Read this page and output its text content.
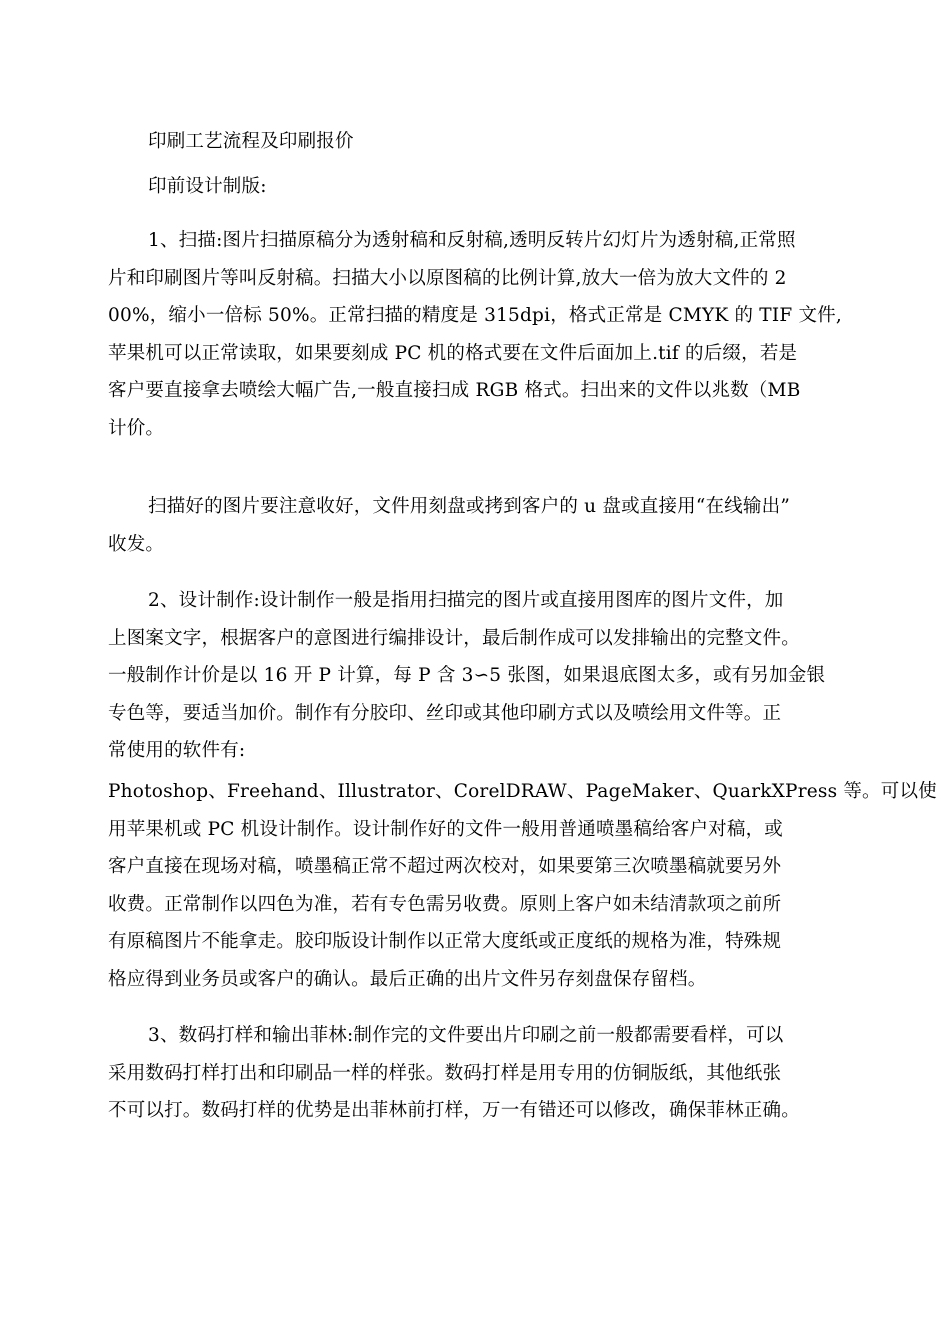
印刷工艺流程及印刷报价
印前设计制版:
1、扫描:图片扫描原稿分为透射稿和反射稿,透明反转片幻灯片为透射稿,正常照
片和印刷图片等叫反射稿。扫描大小以原图稿的比例计算,放大一倍为放大文件的 2
00%，缩小一倍标 50%。正常扫描的精度是 315dpi，格式正常是 CMYK 的 TIF 文件,
苹果机可以正常读取，如果要刻成 PC 机的格式要在文件后面加上.tif 的后缀，若是
客户要直接拿去喷绘大幅广告,一般直接扫成 RGB 格式。扫出来的文件以兆数（MB
计价。
扫描好的图片要注意收好，文件用刻盘或拷到客户的 u 盘或直接用“在线输出”
收发。
2、设计制作:设计制作一般是指用扫描完的图片或直接用图库的图片文件，加
上图案文字，根据客户的意图进行编排设计，最后制作成可以发排输出的完整文件。
一般制作计价是以 16 开 P 计算，每 P 含 3∽5 张图，如果退底图太多，或有另加金银
专色等，要适当加价。制作有分胶印、丝印或其他印刷方式以及喷绘用文件等。正
常使用的软件有:
Photoshop、Freehand、Illustrator、CorelDRAW、PageMaker、QuarkXPress 等。可以使
用苹果机或 PC 机设计制作。设计制作好的文件一般用普通喷墨稿给客户对稿，或
客户直接在现场对稿，喷墨稿正常不超过两次校对，如果要第三次喷墨稿就要另外
收费。正常制作以四色为准，若有专色需另收费。原则上客户如未结清款项之前所
有原稿图片不能拿走。胶印版设计制作以正常大度纸或正度纸的规格为准，特殊规
格应得到业务员或客户的确认。最后正确的出片文件另存刻盘保存留档。
3、数码打样和输出菲林:制作完的文件要出片印刷之前一般都需要看样，可以
采用数码打样打出和印刷品一样的样张。数码打样是用专用的仿铜版纸，其他纸张
不可以打。数码打样的优势是出菲林前打样，万一有错还可以修改，确保菲林正确。
